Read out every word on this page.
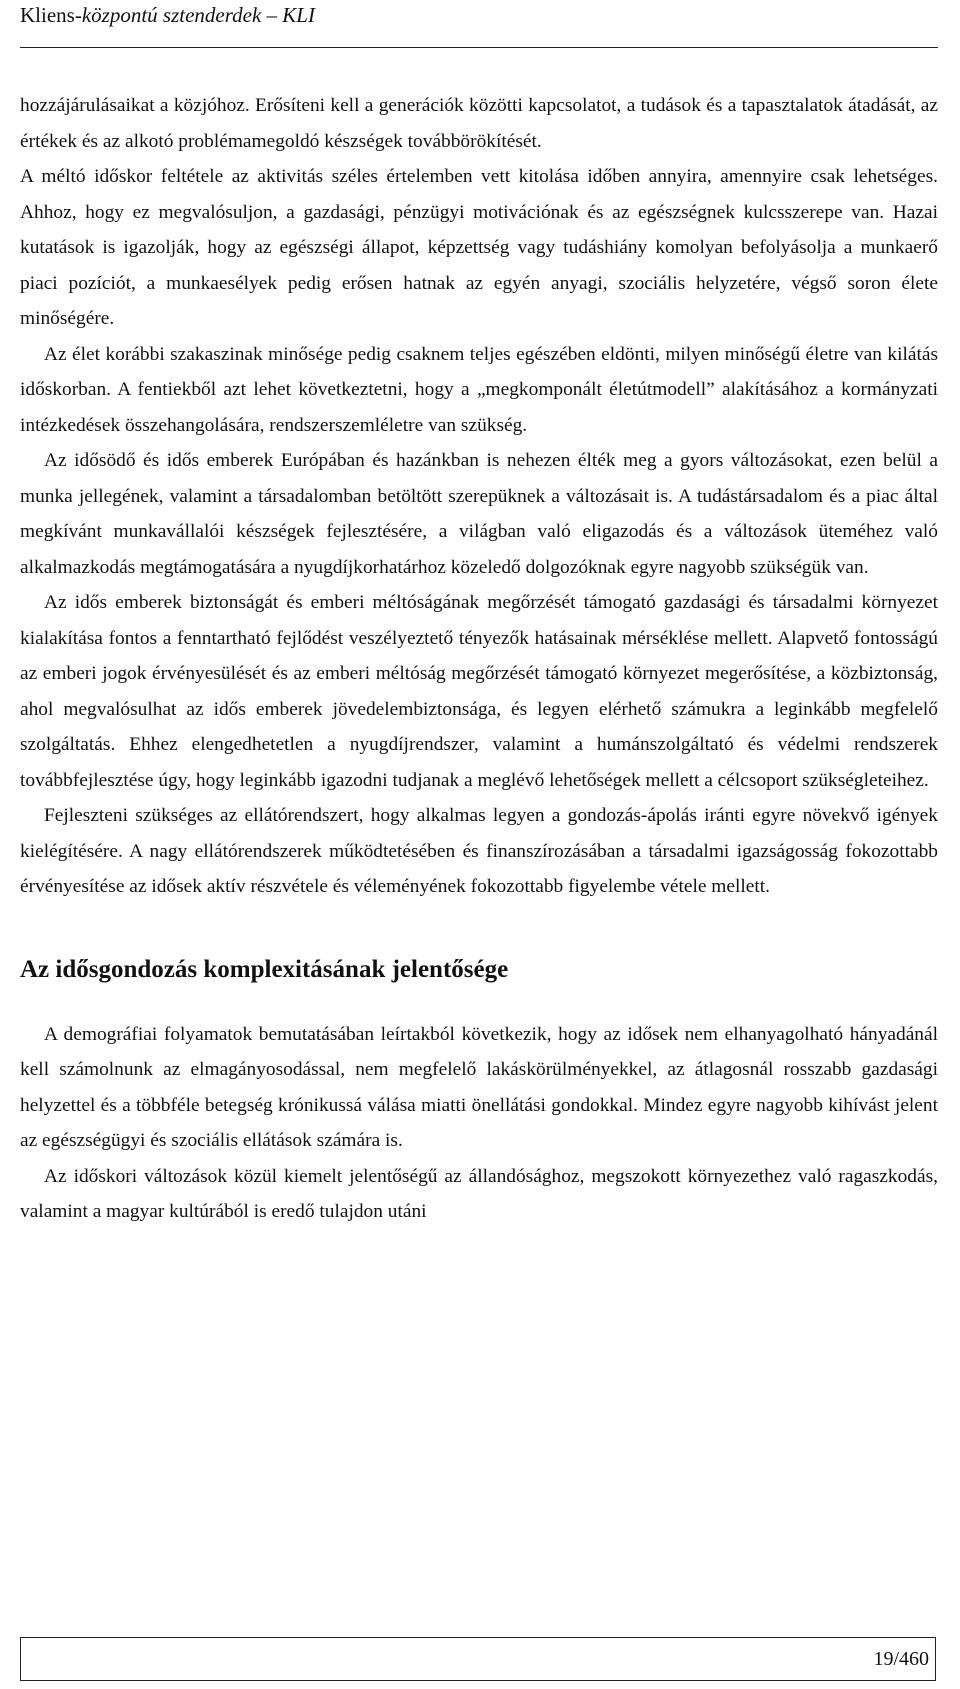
Kliens-központú sztenderdek – KLI

hozzájárulásaikat a közjóhoz. Erősíteni kell a generációk közötti kapcsolatot, a tudások és a tapasztalatok átadását, az értékek és az alkotó problémamegoldó készségek továbbörökítését.

A méltó időskor feltétele az aktivitás széles értelemben vett kitolása időben annyira, amennyire csak lehetséges. Ahhoz, hogy ez megvalósuljon, a gazdasági, pénzügyi motivációnak és az egészségnek kulcsszerepe van. Hazai kutatások is igazolják, hogy az egészségi állapot, képzettség vagy tudáshiány komolyan befolyásolja a munkaerő piaci pozíciót, a munkaesélyek pedig erősen hatnak az egyén anyagi, szociális helyzetére, végső soron élete minőségére.

Az élet korábbi szakaszinak minősége pedig csaknem teljes egészében eldönti, milyen minőségű életre van kilátás időskorban. A fentiekből azt lehet következtetni, hogy a „megkomponált életútmodell” alakításához a kormányzati intézkedések összehangolására, rendszerszemléletre van szükség.

Az idősödő és idős emberek Európában és hazánkban is nehezen élték meg a gyors változásokat, ezen belül a munka jellegének, valamint a társadalomban betöltött szerepüknek a változásait is. A tudástársadalom és a piac által megkívánt munkavállalói készségek fejlesztésére, a világban való eligazodás és a változások üteméhez való alkalmazkodás megtámogatására a nyugdíjkorhatárhoz közeledő dolgozóknak egyre nagyobb szükségük van.

Az idős emberek biztonságát és emberi méltóságának megőrzését támogató gazdasági és társadalmi környezet kialakítása fontos a fenntartható fejlődést veszélyeztető tényezők hatásainak mérséklése mellett. Alapvető fontosságú az emberi jogok érvényesülését és az emberi méltóság megőrzését támogató környezet megerősítése, a közbiztonság, ahol megvalósulhat az idős emberek jövedelembiztonsága, és legyen elérhető számukra a leginkább megfelelő szolgáltatás. Ehhez elengedhetetlen a nyugdíjrendszer, valamint a humánszolgáltató és védelmi rendszerek továbbfejlesztése úgy, hogy leginkább igazodni tudjanak a meglévő lehetőségek mellett a célcsoport szükségleteihez.

Fejleszteni szükséges az ellátórendszert, hogy alkalmas legyen a gondozás-ápolás iránti egyre növekvő igények kielégítésére. A nagy ellátórendszerek működtetésében és finanszírozásában a társadalmi igazságosság fokozottabb érvényesítése az idősek aktív részvétele és véleményének fokozottabb figyelembe vétele mellett.

Az idősgondozás komplexitásának jelentősége

A demográfiai folyamatok bemutatásában leírtakból következik, hogy az idősek nem elhanyagolható hányadánál kell számolnunk az elmagányosodással, nem megfelelő lakáskörülményekkel, az átlagosnál rosszabb gazdasági helyzettel és a többféle betegség krónikussá válása miatti önellátási gondokkal. Mindez egyre nagyobb kihívást jelent az egészségügyi és szociális ellátások számára is.

Az időskori változások közül kiemelt jelentőségű az állandósághoz, megszokott környezethez való ragaszkodás, valamint a magyar kultúrából is eredő tulajdon utáni

19/460
